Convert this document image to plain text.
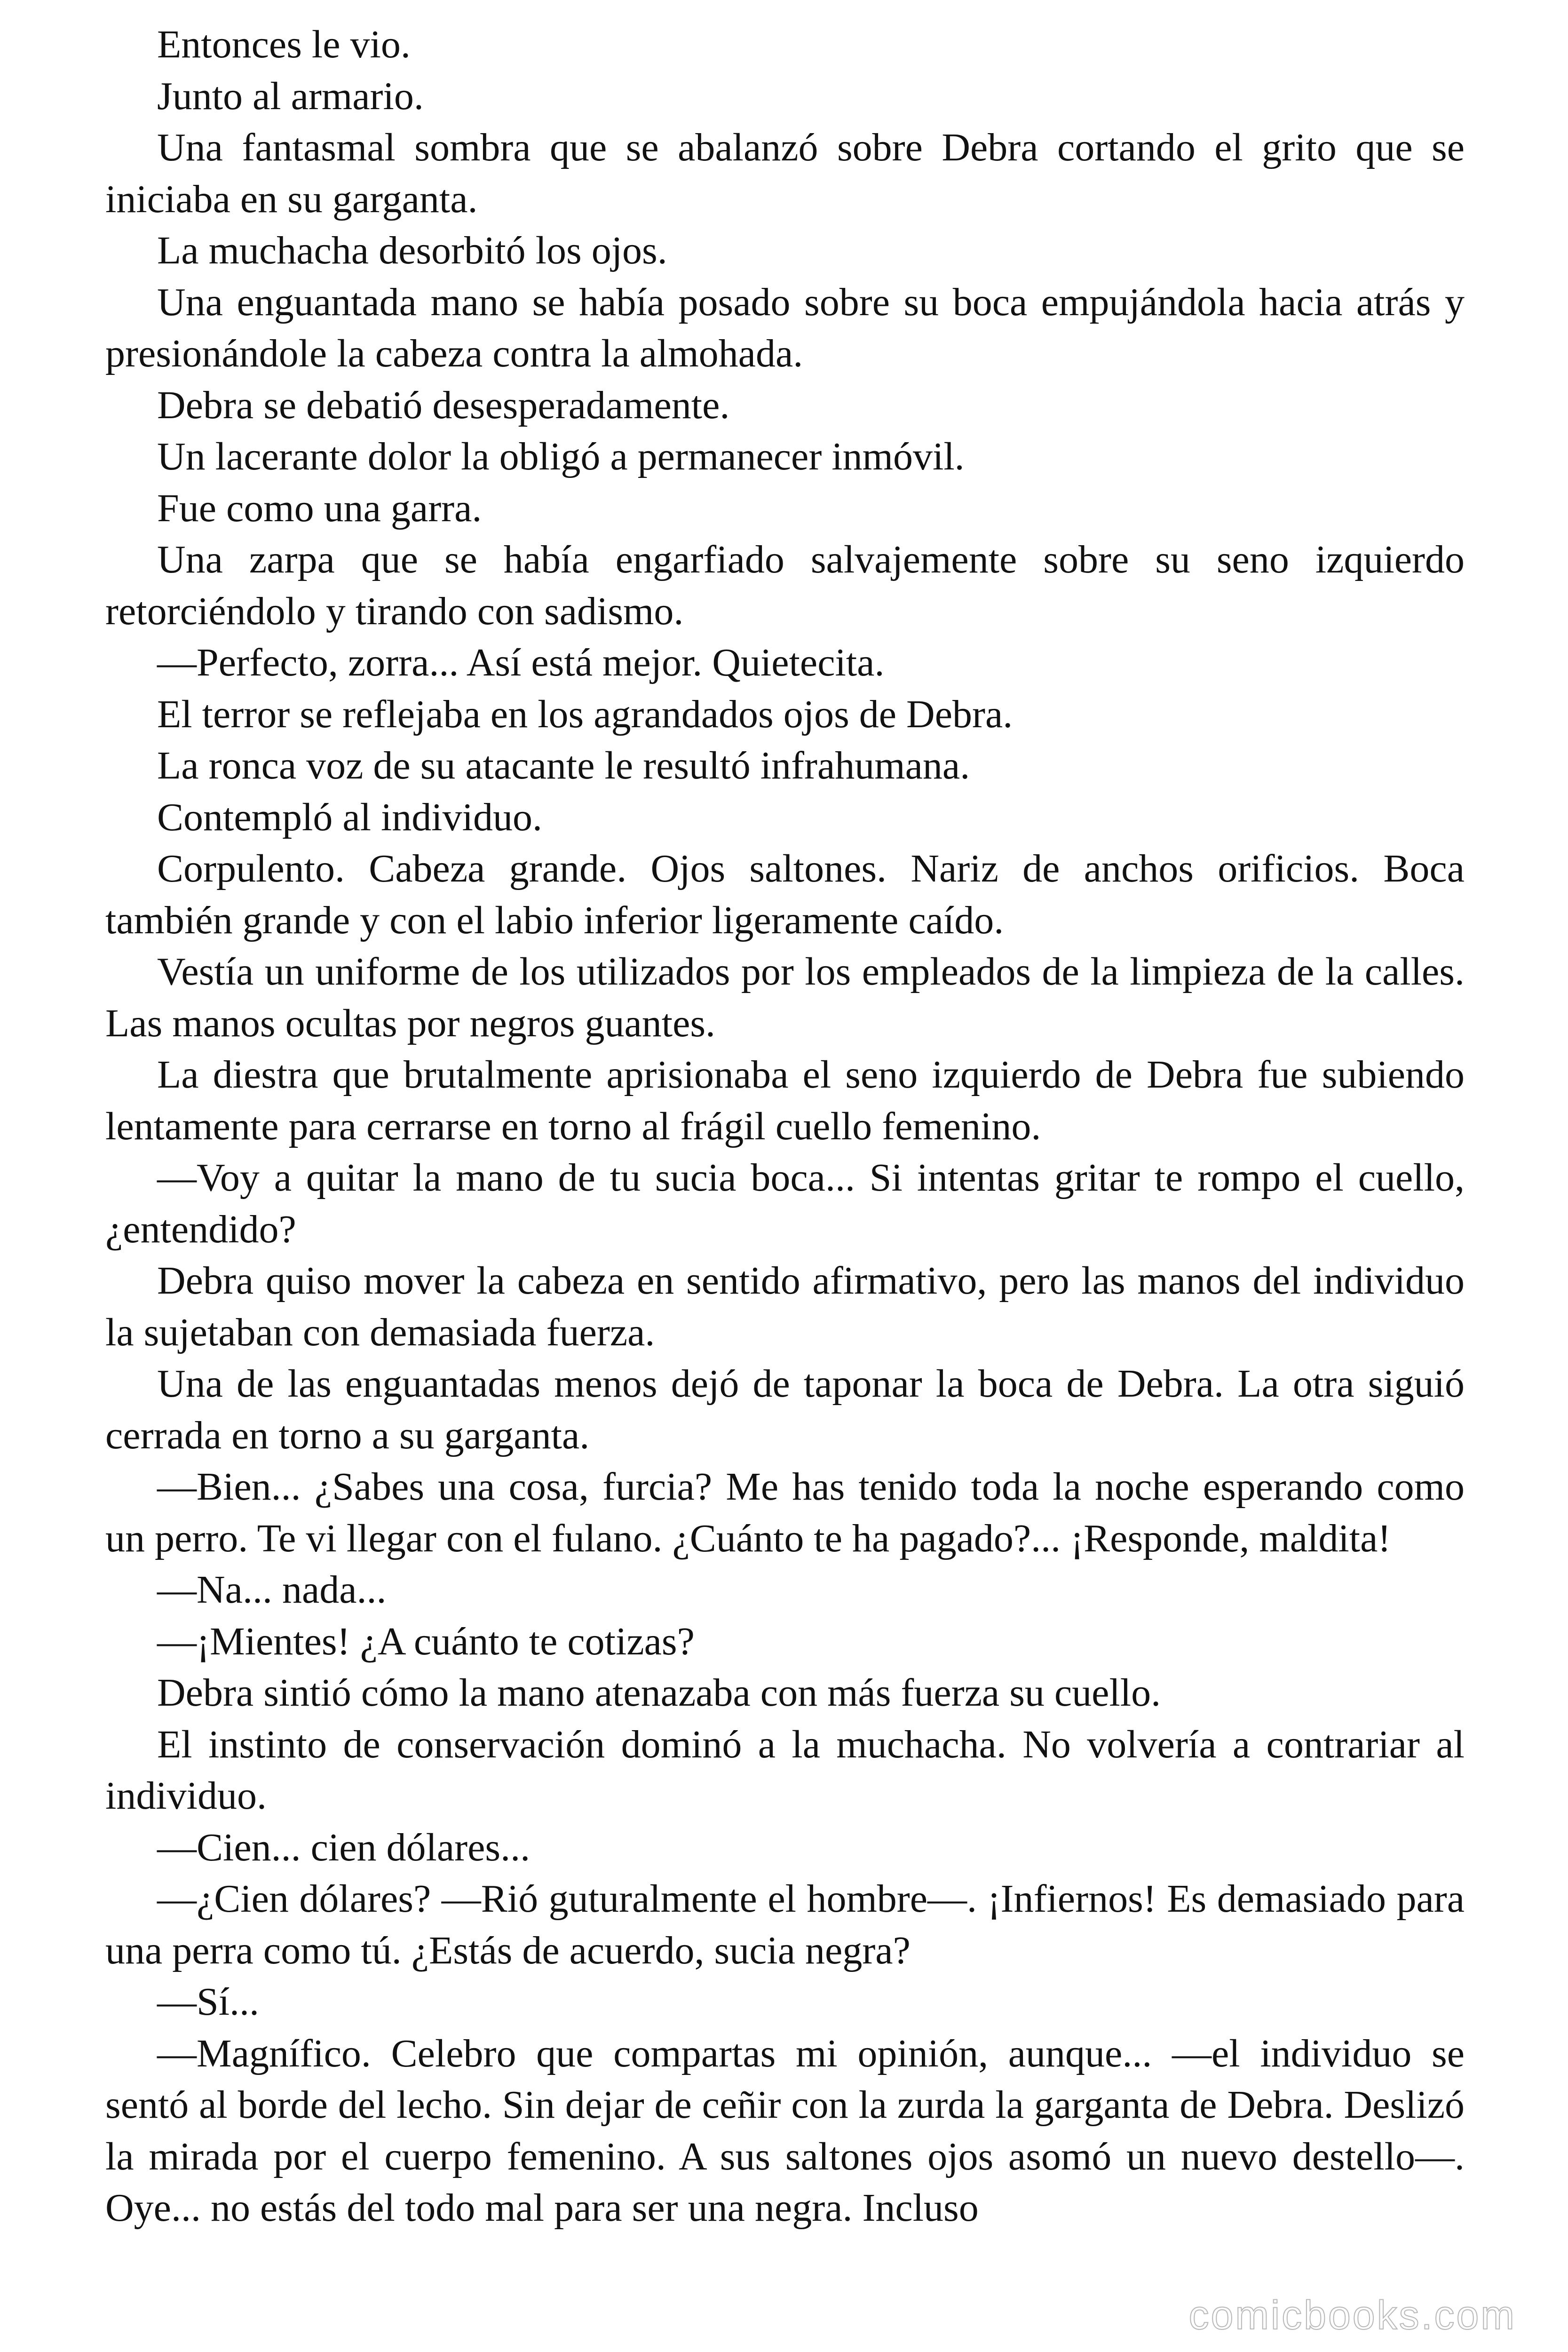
Entonces le vio.

Junto al armario.

Una fantasmal sombra que se abalanzó sobre Debra cortando el grito que se iniciaba en su garganta.

La muchacha desorbitó los ojos.

Una enguantada mano se había posado sobre su boca empujándola hacia atrás y presionándole la cabeza contra la almohada.

Debra se debatió desesperadamente.

Un lacerante dolor la obligó a permanecer inmóvil.

Fue como una garra.

Una zarpa que se había engarfiado salvajemente sobre su seno izquierdo retorciéndolo y tirando con sadismo.

—Perfecto, zorra... Así está mejor. Quietecita.

El terror se reflejaba en los agrandados ojos de Debra.

La ronca voz de su atacante le resultó infrahumana.

Contempló al individuo.

Corpulento. Cabeza grande. Ojos saltones. Nariz de anchos orificios. Boca también grande y con el labio inferior ligeramente caído.

Vestía un uniforme de los utilizados por los empleados de la limpieza de la calles. Las manos ocultas por negros guantes.

La diestra que brutalmente aprisionaba el seno izquierdo de Debra fue subiendo lentamente para cerrarse en torno al frágil cuello femenino.

—Voy a quitar la mano de tu sucia boca... Si intentas gritar te rompo el cuello, ¿entendido?

Debra quiso mover la cabeza en sentido afirmativo, pero las manos del individuo la sujetaban con demasiada fuerza.

Una de las enguantadas menos dejó de taponar la boca de Debra. La otra siguió cerrada en torno a su garganta.

—Bien... ¿Sabes una cosa, furcia? Me has tenido toda la noche esperando como un perro. Te vi llegar con el fulano. ¿Cuánto te ha pagado?... ¡Responde, maldita!

—Na... nada...

—¡Mientes! ¿A cuánto te cotizas?

Debra sintió cómo la mano atenazaba con más fuerza su cuello.

El instinto de conservación dominó a la muchacha. No volvería a contrariar al individuo.

—Cien... cien dólares...

—¿Cien dólares? —Rió guturalmente el hombre—. ¡Infiernos! Es demasiado para una perra como tú. ¿Estás de acuerdo, sucia negra?

—Sí...

—Magnífico. Celebro que compartas mi opinión, aunque... —el individuo se sentó al borde del lecho. Sin dejar de ceñir con la zurda la garganta de Debra. Deslizó la mirada por el cuerpo femenino. A sus saltones ojos asomó un nuevo destello—. Oye... no estás del todo mal para ser una negra. Incluso

comicbooks.com
